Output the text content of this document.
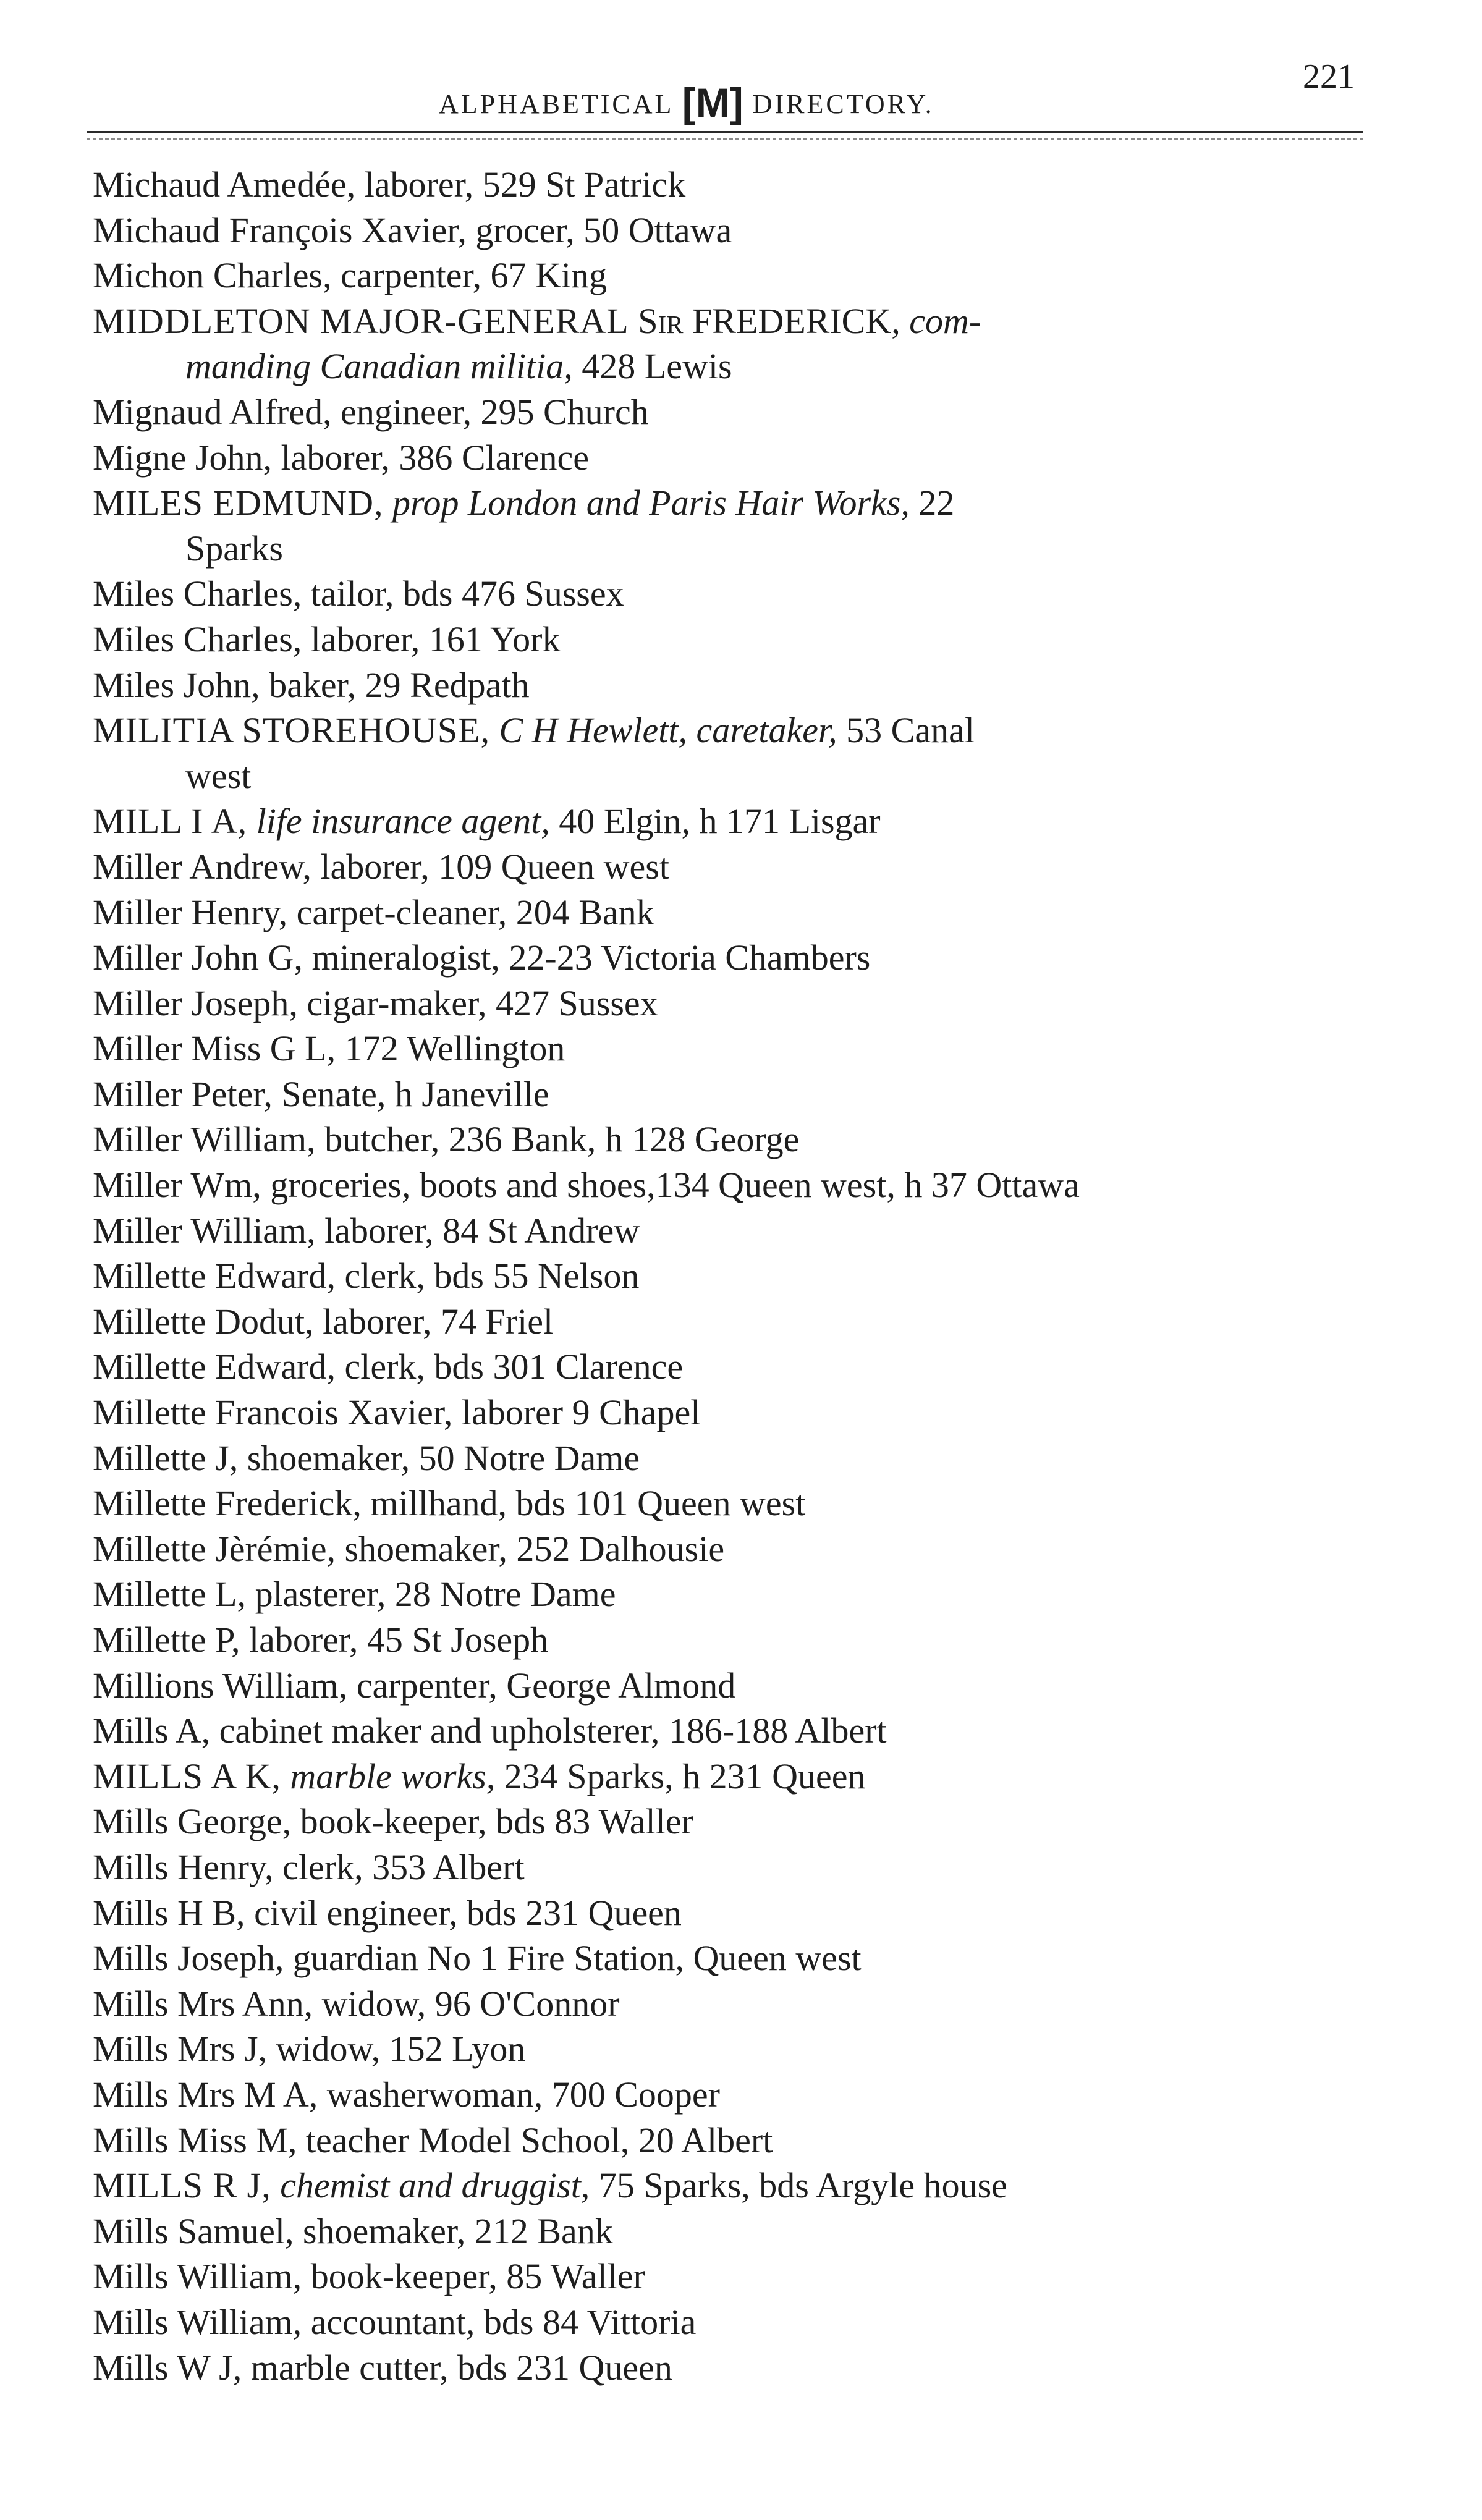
ALPHABETICAL [M] DIRECTORY.
221
Michaud Amedée, laborer, 529 St Patrick
Michaud François Xavier, grocer, 50 Ottawa
Michon Charles, carpenter, 67 King
MIDDLETON MAJOR-GENERAL Sir FREDERICK, com-
manding Canadian militia, 428 Lewis
Mignaud Alfred, engineer, 295 Church
Migne John, laborer, 386 Clarence
MILES EDMUND, prop London and Paris Hair Works, 22
Sparks
Miles Charles, tailor, bds 476 Sussex
Miles Charles, laborer, 161 York
Miles John, baker, 29 Redpath
MILITIA STOREHOUSE, C H Hewlett, caretaker, 53 Canal
west
MILL I A, life insurance agent, 40 Elgin, h 171 Lisgar
Miller Andrew, laborer, 109 Queen west
Miller Henry, carpet-cleaner, 204 Bank
Miller John G, mineralogist, 22-23 Victoria Chambers
Miller Joseph, cigar-maker, 427 Sussex
Miller Miss G L, 172 Wellington
Miller Peter, Senate, h Janeville
Miller William, butcher, 236 Bank, h 128 George
Miller Wm, groceries, boots and shoes,134 Queen west, h 37 Ottawa
Miller William, laborer, 84 St Andrew
Millette Edward, clerk, bds 55 Nelson
Millette Dodut, laborer, 74 Friel
Millette Edward, clerk, bds 301 Clarence
Millette Francois Xavier, laborer 9 Chapel
Millette J, shoemaker, 50 Notre Dame
Millette Frederick, millhand, bds 101 Queen west
Millette Jèrémie, shoemaker, 252 Dalhousie
Millette L, plasterer, 28 Notre Dame
Millette P, laborer, 45 St Joseph
Millions William, carpenter, George Almond
Mills A, cabinet maker and upholsterer, 186-188 Albert
MILLS A K, marble works, 234 Sparks, h 231 Queen
Mills George, book-keeper, bds 83 Waller
Mills Henry, clerk, 353 Albert
Mills H B, civil engineer, bds 231 Queen
Mills Joseph, guardian No 1 Fire Station, Queen west
Mills Mrs Ann, widow, 96 O'Connor
Mills Mrs J, widow, 152 Lyon
Mills Mrs M A, washerwoman, 700 Cooper
Mills Miss M, teacher Model School, 20 Albert
MILLS R J, chemist and druggist, 75 Sparks, bds Argyle house
Mills Samuel, shoemaker, 212 Bank
Mills William, book-keeper, 85 Waller
Mills William, accountant, bds 84 Vittoria
Mills W J, marble cutter, bds 231 Queen
